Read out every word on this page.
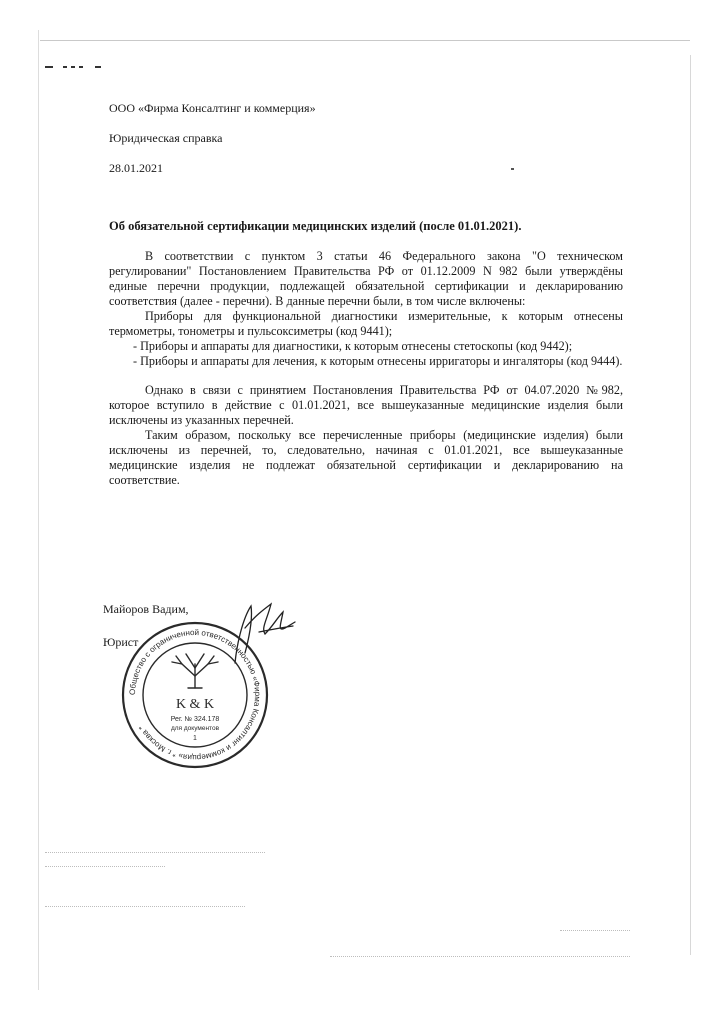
ООО «Фирма Консалтинг и коммерция»
Юридическая справка
28.01.2021
Об обязательной сертификации медицинских изделий (после 01.01.2021).

В соответствии с пунктом 3 статьи 46 Федерального закона "О техническом регулировании" Постановлением Правительства РФ от 01.12.2009 N 982 были утверждёны единые перечни продукции, подлежащей обязательной сертификации и декларированию соответствия (далее - перечни). В данные перечни были, в том числе включены:

Приборы для функциональной диагностики измерительные, к которым отнесены термометры, тонометры и пульсоксиметры (код 9441);

- Приборы и аппараты для диагностики, к которым отнесены стетоскопы (код 9442);

- Приборы и аппараты для лечения, к которым отнесены ирригаторы и ингаляторы (код 9444).

Однако в связи с принятием Постановления Правительства РФ от 04.07.2020 №982, которое вступило в действие с 01.01.2021, все вышеуказанные медицинские изделия были исключены из указанных перечней.

Таким образом, поскольку все перечисленные приборы (медицинские изделия) были исключены из перечней, то, следовательно, начиная с 01.01.2021, все вышеуказанные медицинские изделия не подлежат обязательной сертификации и декларированию на соответствие.

Майоров Вадим,
Юрист
Общество с ограниченной ответственностью «Фирма Консалтинг и коммерция» * г. Москва *
K & K
Рег. № 324.178
для документов
1
